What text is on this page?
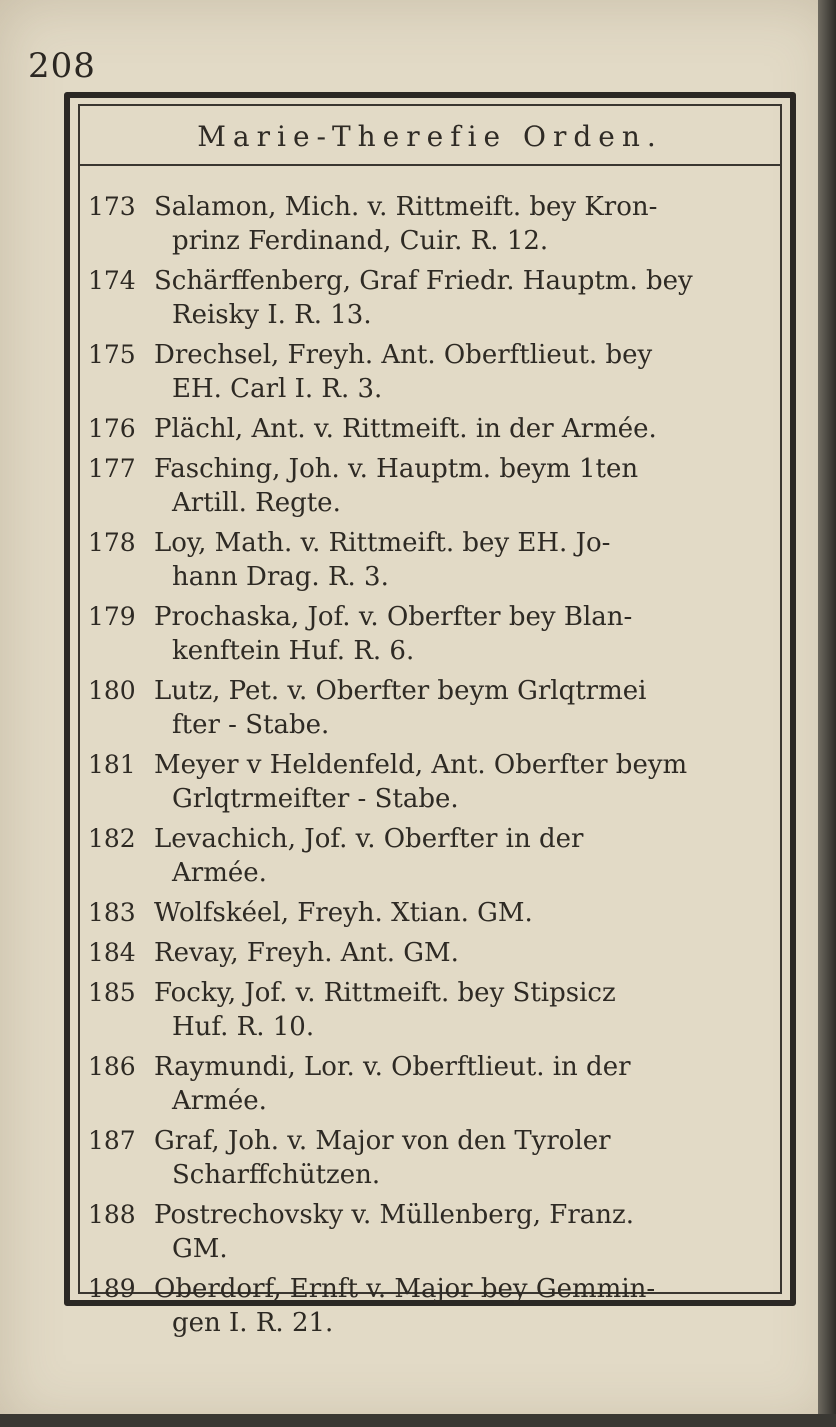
208
Marie-Therefie Orden.
173 Salamon, Mich. v. Rittmeift. bey Kron-
prinz Ferdinand, Cuir. R. 12.
174 Schärffenberg, Graf Friedr. Hauptm. bey
Reisky I. R. 13.
175 Drechsel, Freyh. Ant. Oberftlieut. bey
EH. Carl I. R. 3.
176 Plächl, Ant. v. Rittmeift. in der Armée.
177 Fasching, Joh. v. Hauptm. beym 1ten
Artill. Regte.
178 Loy, Math. v. Rittmeift. bey EH. Jo-
hann Drag. R. 3.
179 Prochaska, Jof. v. Oberfter bey Blan-
kenftein Huf. R. 6.
180 Lutz, Pet. v. Oberfter beym Grlqtrmei
fter - Stabe.
181 Meyer v Heldenfeld, Ant. Oberfter beym
Grlqtrmeifter - Stabe.
182 Levachich, Jof. v. Oberfter in der
Armée.
183 Wolfskéel, Freyh. Xtian. GM.
184 Revay, Freyh. Ant. GM.
185 Focky, Jof. v. Rittmeift. bey Stipsicz
Huf. R. 10.
186 Raymundi, Lor. v. Oberftlieut. in der
Armée.
187 Graf, Joh. v. Major von den Tyroler
Scharffchützen.
188 Postrechovsky v. Müllenberg, Franz.
GM.
189 Oberdorf, Ernft v. Major bey Gemmin-
gen I. R. 21.
